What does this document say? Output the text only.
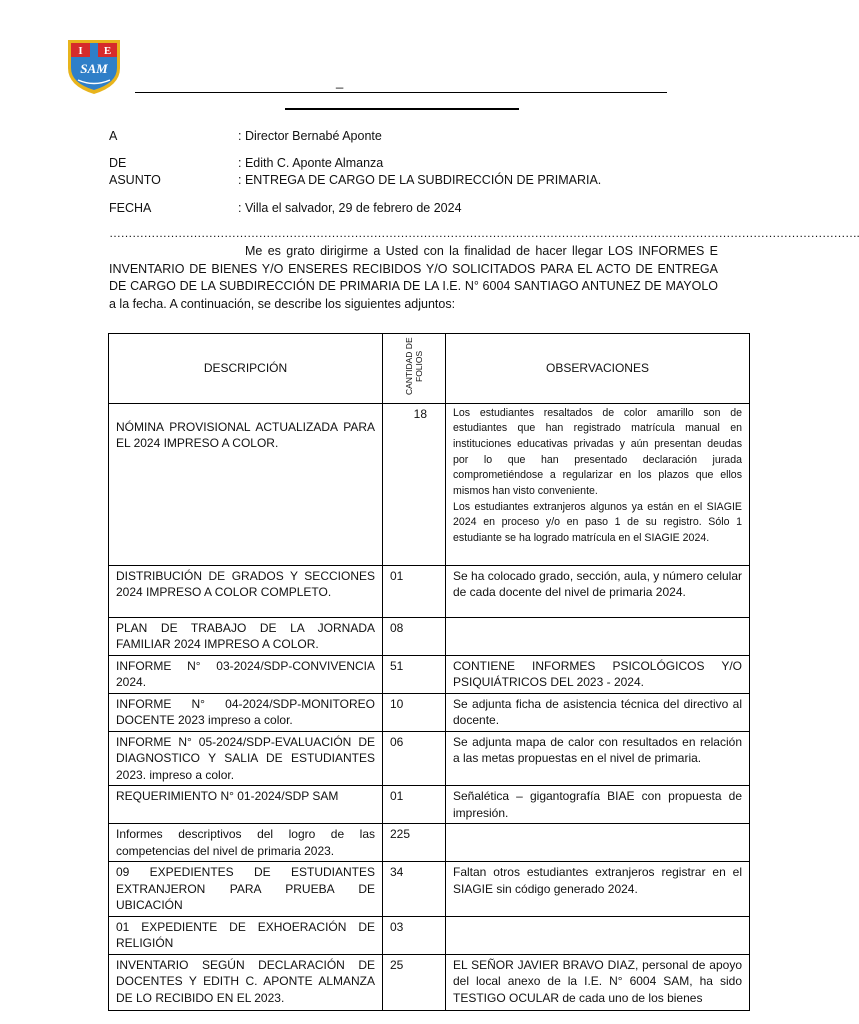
I E
SAM
_
A	: Director Bernabé Aponte
DE	: Edith C. Aponte Almanza
ASUNTO	: ENTREGA DE CARGO DE LA SUBDIRECCIÓN DE PRIMARIA.
FECHA	: Villa el salvador, 29 de febrero de 2024
…………………………………………………………………………………………………………………………………………………………………………….
Me es grato dirigirme a Usted con la finalidad de hacer llegar LOS INFORMES E INVENTARIO DE BIENES Y/O ENSERES RECIBIDOS Y/O SOLICITADOS PARA EL ACTO DE ENTREGA DE CARGO DE LA SUBDIRECCIÓN DE PRIMARIA DE LA I.E. N° 6004 SANTIAGO ANTUNEZ DE MAYOLO a la fecha. A continuación, se describe los siguientes adjuntos:
DESCRIPCIÓN	CANTIDAD DE FOLIOS	OBSERVACIONES
NÓMINA PROVISIONAL ACTUALIZADA PARA EL 2024 IMPRESO A COLOR.	18	Los estudiantes resaltados de color amarillo son de estudiantes que han registrado matrícula manual en instituciones educativas privadas y aún presentan deudas por lo que han presentado declaración jurada comprometiéndose a regularizar en los plazos que ellos mismos han visto conveniente.
Los estudiantes extranjeros algunos ya están en el SIAGIE 2024 en proceso y/o en paso 1 de su registro. Sólo 1 estudiante se ha logrado matrícula en el SIAGIE 2024.
DISTRIBUCIÓN DE GRADOS Y SECCIONES 2024 IMPRESO A COLOR COMPLETO.	01	Se ha colocado grado, sección, aula, y número celular de cada docente del nivel de primaria 2024.
PLAN DE TRABAJO DE LA JORNADA FAMILIAR 2024 IMPRESO A COLOR.	08	
INFORME N° 03-2024/SDP-CONVIVENCIA 2024.	51	CONTIENE INFORMES PSICOLÓGICOS Y/O PSIQUIÁTRICOS DEL 2023 - 2024.
INFORME N° 04-2024/SDP-MONITOREO DOCENTE 2023 impreso a color.	10	Se adjunta ficha de asistencia técnica del directivo al docente.
INFORME N° 05-2024/SDP-EVALUACIÓN DE DIAGNOSTICO Y SALIA DE ESTUDIANTES 2023. impreso a color.	06	Se adjunta mapa de calor con resultados en relación a las metas propuestas en el nivel de primaria.
REQUERIMIENTO N° 01-2024/SDP SAM	01	Señalética – gigantografía BIAE con propuesta de impresión.
Informes descriptivos del logro de las competencias del nivel de primaria 2023.	225	
09 EXPEDIENTES DE ESTUDIANTES EXTRANJERON PARA PRUEBA DE UBICACIÓN	34	Faltan otros estudiantes extranjeros registrar en el SIAGIE sin código generado 2024.
01 EXPEDIENTE DE EXHOERACIÓN DE RELIGIÓN	03	
INVENTARIO SEGÚN DECLARACIÓN DE DOCENTES Y EDITH C. APONTE ALMANZA DE LO RECIBIDO EN EL 2023.	25	EL SEÑOR JAVIER BRAVO DIAZ, personal de apoyo del local anexo de la I.E. N° 6004 SAM, ha sido TESTIGO OCULAR de cada uno de los bienes
